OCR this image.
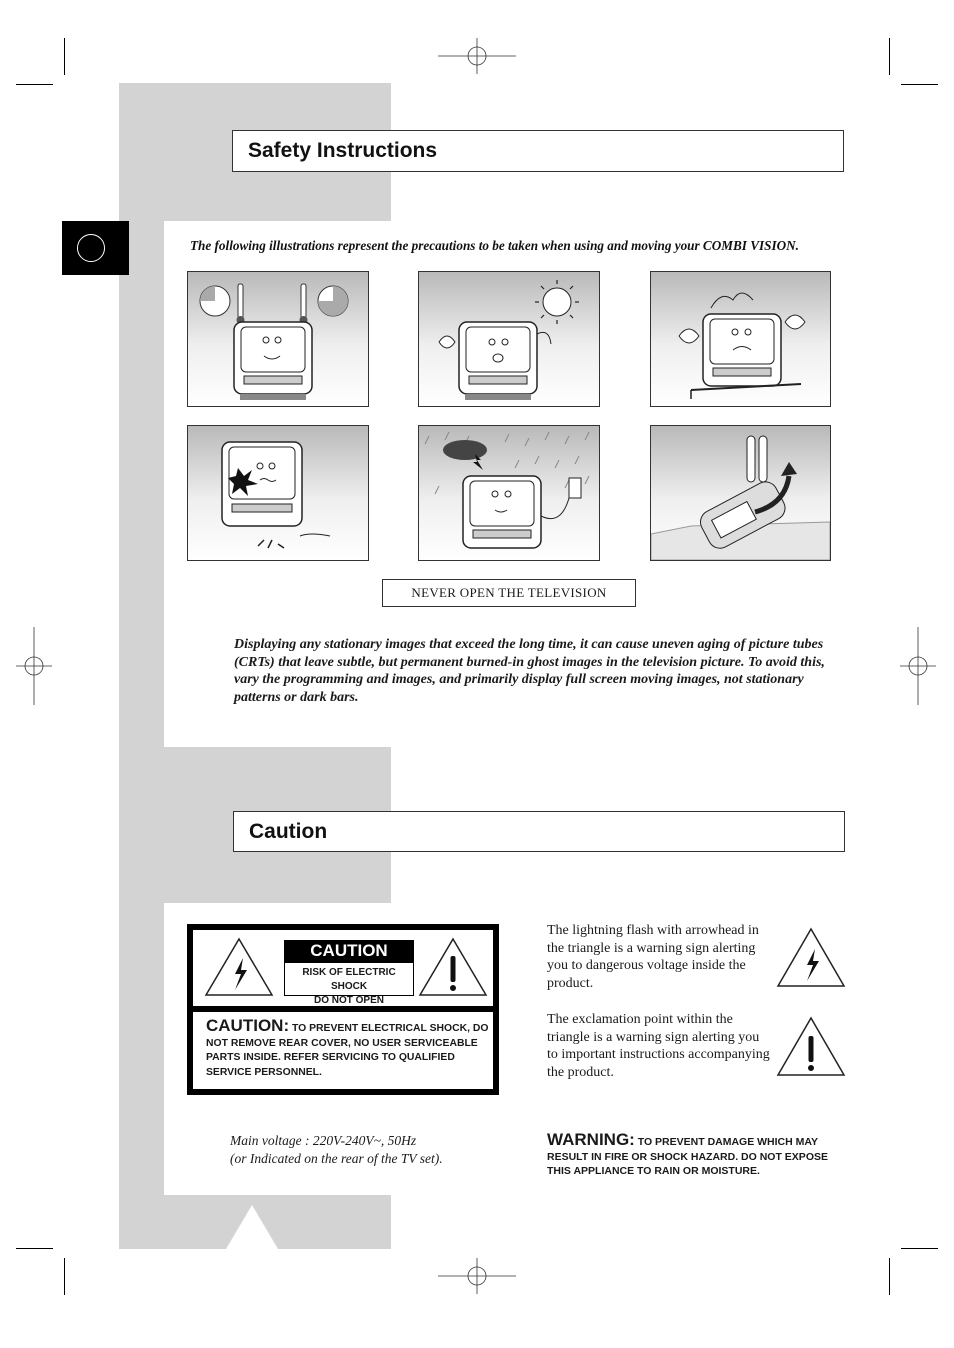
Safety Instructions
The following illustrations represent the precautions to be taken when using and moving your COMBI VISION.
NEVER OPEN THE TELEVISION
Displaying any stationary images that exceed the long time, it can cause uneven aging of picture tubes (CRTs) that leave subtle, but permanent burned-in ghost images in the television picture. To avoid this, vary the programming and images, and primarily display full screen moving images, not stationary patterns or dark bars.
Caution
CAUTION
RISK OF ELECTRIC SHOCK
DO NOT OPEN
CAUTION: TO PREVENT ELECTRICAL SHOCK, DO NOT REMOVE REAR COVER, NO USER SERVICEABLE PARTS INSIDE. REFER SERVICING TO QUALIFIED SERVICE PERSONNEL.
The lightning flash with arrowhead in the triangle is a warning sign alerting you to dangerous voltage inside the product.
The exclamation point within the triangle is a warning sign alerting you to important instructions accompanying the product.
Main voltage : 220V-240V~, 50Hz
(or Indicated on the rear of the TV set).
WARNING: TO PREVENT DAMAGE WHICH MAY RESULT IN FIRE OR SHOCK HAZARD. DO NOT EXPOSE THIS APPLIANCE TO RAIN OR MOISTURE.
